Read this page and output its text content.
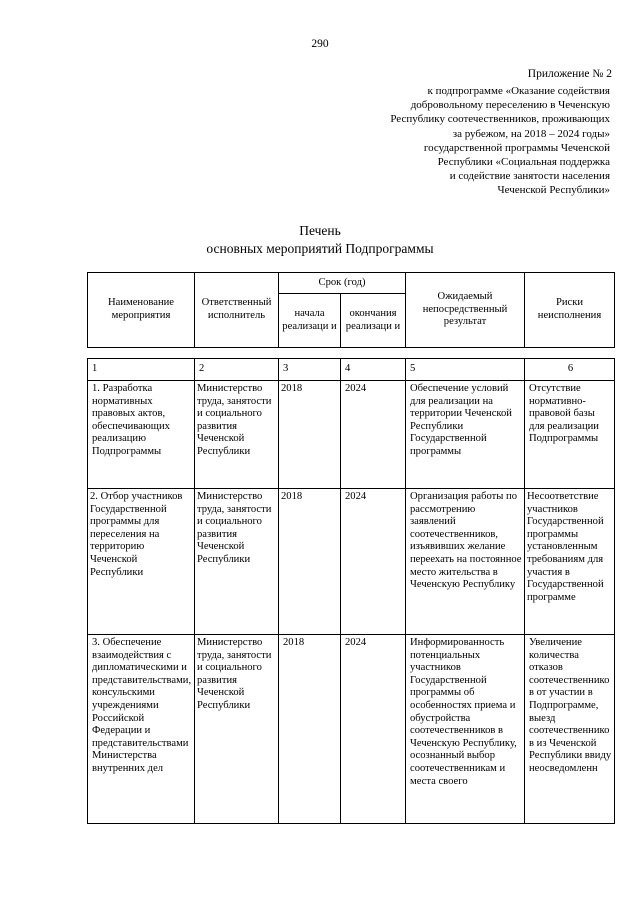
290
Приложение № 2
к подпрограмме «Оказание содействия
добровольному переселению в Чеченскую
Республику соотечественников, проживающих
за рубежом, на 2018 – 2024 годы»
государственной программы Чеченской
Республики «Социальная поддержка
и содействие занятости населения
Чеченской Республики»
Печень
основных мероприятий Подпрограммы
Наименование мероприятия	Ответственный исполнитель	Срок (год)		Ожидаемый непосредственный результат	Риски неисполнения
		начала реализаци и	окончания реализаци и		
1	2	3	4	5	6
1. Разработка нормативных правовых актов, обеспечивающих реализацию Подпрограммы	Министерство труда, занятости и социального развития Чеченской Республики	2018	2024	Обеспечение условий для реализации на территории Чеченской Республики Государственной программы	Отсутствие нормативно-правовой базы для реализации Подпрограммы
2. Отбор участников Государственной программы для переселения на территорию Чеченской Республики	Министерство труда, занятости и социального развития Чеченской Республики	2018	2024	Организация работы по рассмотрению заявлений соотечественников, изъявивших желание переехать на постоянное место жительства в Чеченскую Республику	Несоответствие участников Государственной программы установленным требованиям для участия в Государственной программе
3. Обеспечение взаимодействия с дипломатическими и представительствами, консульскими учреждениями Российской Федерации и представительствами Министерства внутренних дел	Министерство труда, занятости и социального развития Чеченской Республики	2018	2024	Информированность потенциальных участников Государственной программы об особенностях приема и обустройства соотечественников в Чеченскую Республику, осознанный выбор соотечественникам и места своего	Увеличение количества отказов соотечественников от участии в Подпрограмме, выезд соотечественников из Чеченской Республики ввиду неосведомленн
